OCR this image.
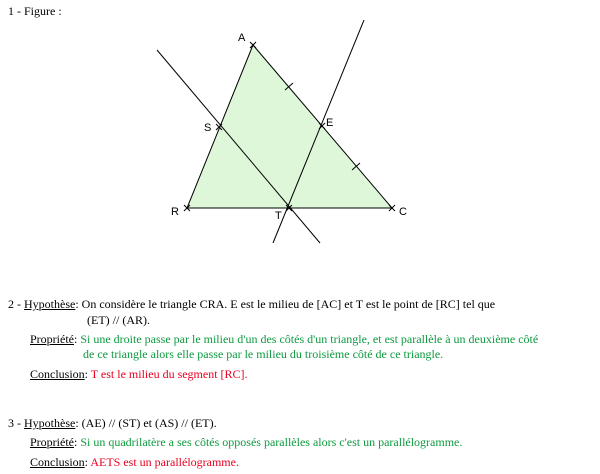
1 - Figure :
A
S	E
R	T	C
2 - Hypothèse: On considère le triangle CRA. E est le milieu de [AC] et T est le point de [RC] tel que
(ET) // (AR).
Propriété: Si une droite passe par le milieu d'un des côtés d'un triangle, et est parallèle à un deuxième côté
de ce triangle alors elle passe par le milieu du troisième côté de ce triangle.
Conclusion: T est le milieu du segment [RC].
3 - Hypothèse: (AE) // (ST) et (AS) // (ET).
Propriété: Si un quadrilatère a ses côtés opposés parallèles alors c'est un parallélogramme.
Conclusion: AETS est un parallélogramme.
